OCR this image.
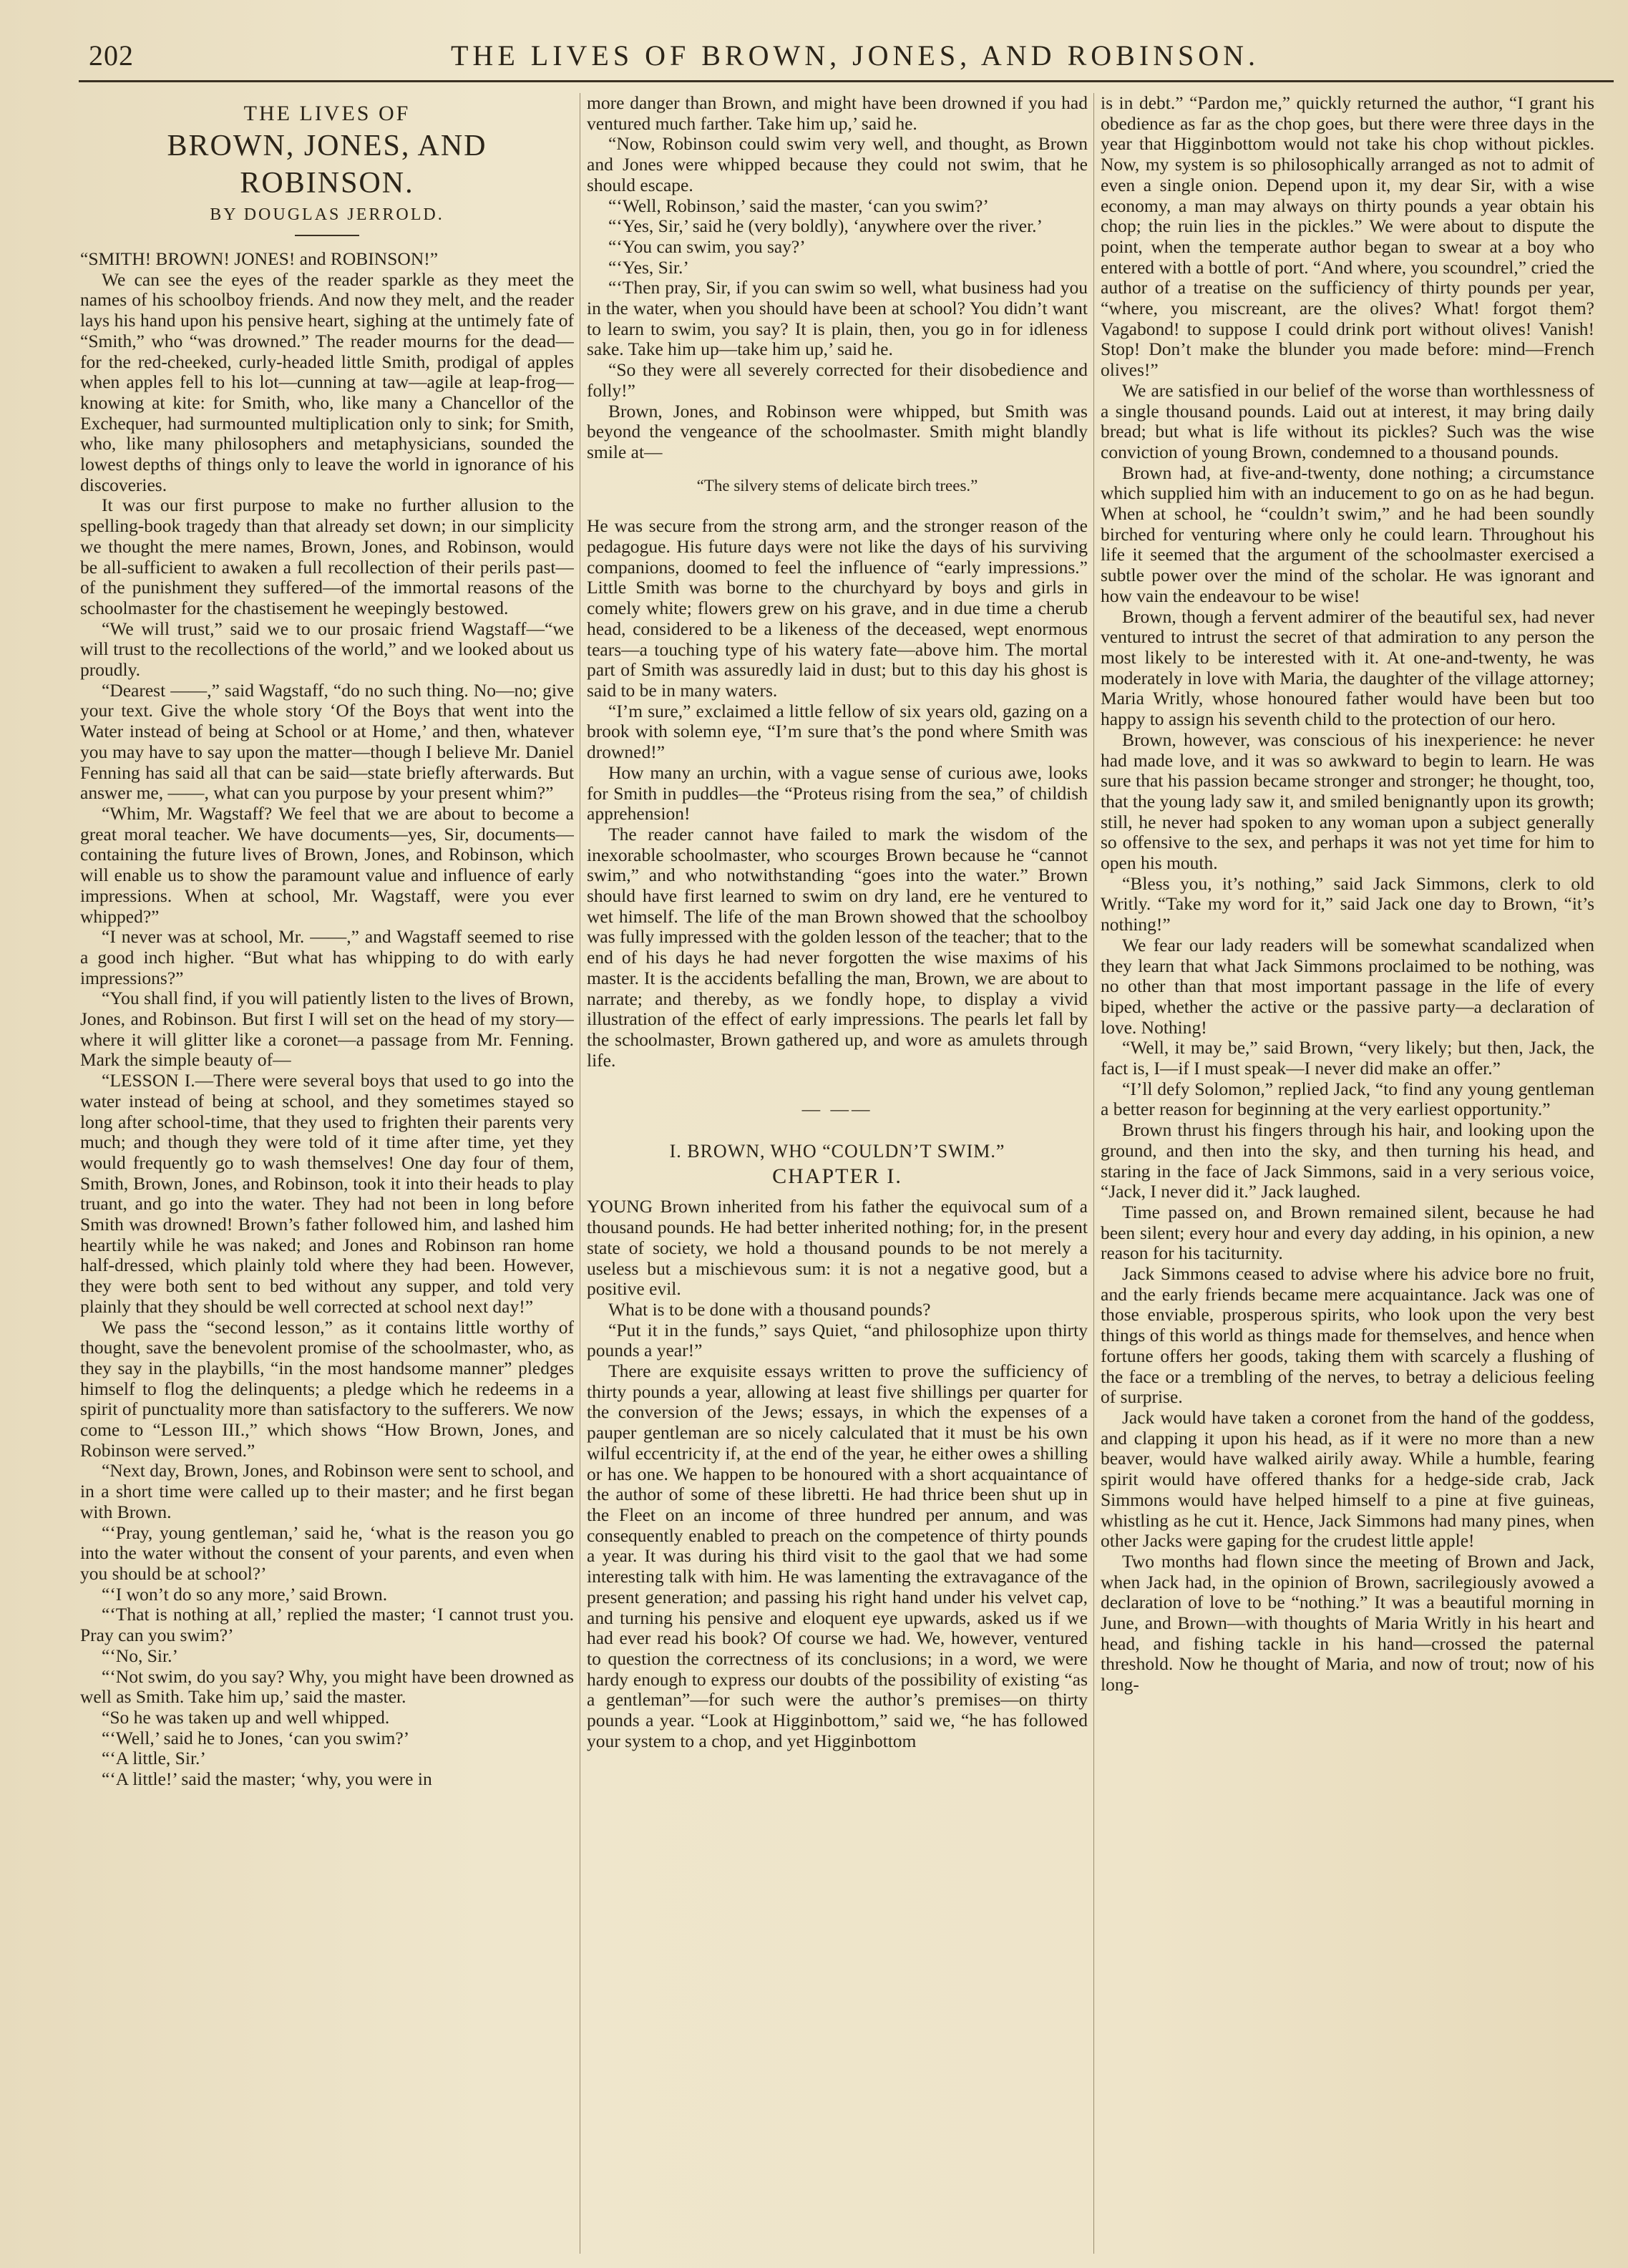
202	THE LIVES OF BROWN, JONES, AND ROBINSON.
THE LIVES OF
BROWN, JONES, AND ROBINSON.
BY DOUGLAS JERROLD.

“SMITH! BROWN! JONES! and ROBINSON!”

We can see the eyes of the reader sparkle as they meet the names of his schoolboy friends. And now they melt, and the reader lays his hand upon his pensive heart, sighing at the untimely fate of “Smith,” who “was drowned.” The reader mourns for the dead—for the red-cheeked, curly-headed little Smith, prodigal of apples when apples fell to his lot—cunning at taw—agile at leap-frog—knowing at kite: for Smith, who, like many a Chancellor of the Exchequer, had surmounted multiplication only to sink; for Smith, who, like many philosophers and metaphysicians, sounded the lowest depths of things only to leave the world in ignorance of his discoveries.

It was our first purpose to make no further allusion to the spelling-book tragedy than that already set down; in our simplicity we thought the mere names, Brown, Jones, and Robinson, would be all-sufficient to awaken a full recollection of their perils past—of the punishment they suffered—of the immortal reasons of the schoolmaster for the chastisement he weepingly bestowed.

“We will trust,” said we to our prosaic friend Wagstaff—“we will trust to the recollections of the world,” and we looked about us proudly.

“Dearest ——,” said Wagstaff, “do no such thing. No—no; give your text. Give the whole story ‘Of the Boys that went into the Water instead of being at School or at Home,’ and then, whatever you may have to say upon the matter—though I believe Mr. Daniel Fenning has said all that can be said—state briefly afterwards. But answer me, ——, what can you purpose by your present whim?”

“Whim, Mr. Wagstaff? We feel that we are about to become a great moral teacher. We have documents—yes, Sir, documents—containing the future lives of Brown, Jones, and Robinson, which will enable us to show the paramount value and influence of early impressions. When at school, Mr. Wagstaff, were you ever whipped?”

“I never was at school, Mr. ——,” and Wagstaff seemed to rise a good inch higher. “But what has whipping to do with early impressions?”

“You shall find, if you will patiently listen to the lives of Brown, Jones, and Robinson. But first I will set on the head of my story—where it will glitter like a coronet—a passage from Mr. Fenning. Mark the simple beauty of—

“LESSON I.—There were several boys that used to go into the water instead of being at school, and they sometimes stayed so long after school-time, that they used to frighten their parents very much; and though they were told of it time after time, yet they would frequently go to wash themselves! One day four of them, Smith, Brown, Jones, and Robinson, took it into their heads to play truant, and go into the water. They had not been in long before Smith was drowned! Brown’s father followed him, and lashed him heartily while he was naked; and Jones and Robinson ran home half-dressed, which plainly told where they had been. However, they were both sent to bed without any supper, and told very plainly that they should be well corrected at school next day!”

We pass the “second lesson,” as it contains little worthy of thought, save the benevolent promise of the schoolmaster, who, as they say in the playbills, “in the most handsome manner” pledges himself to flog the delinquents; a pledge which he redeems in a spirit of punctuality more than satisfactory to the sufferers. We now come to “Lesson III.,” which shows “How Brown, Jones, and Robinson were served.”

“Next day, Brown, Jones, and Robinson were sent to school, and in a short time were called up to their master; and he first began with Brown.

“‘Pray, young gentleman,’ said he, ‘what is the reason you go into the water without the consent of your parents, and even when you should be at school?’

“‘I won’t do so any more,’ said Brown.

“‘That is nothing at all,’ replied the master; ‘I cannot trust you. Pray can you swim?’

“‘No, Sir.’

“‘Not swim, do you say? Why, you might have been drowned as well as Smith. Take him up,’ said the master.

“So he was taken up and well whipped.

“‘Well,’ said he to Jones, ‘can you swim?’

“‘A little, Sir.’

“‘A little!’ said the master; ‘why, you were in

more danger than Brown, and might have been drowned if you had ventured much farther. Take him up,’ said he.

“Now, Robinson could swim very well, and thought, as Brown and Jones were whipped because they could not swim, that he should escape.

“‘Well, Robinson,’ said the master, ‘can you swim?’

“‘Yes, Sir,’ said he (very boldly), ‘anywhere over the river.’

“‘You can swim, you say?’

“‘Yes, Sir.’

“‘Then pray, Sir, if you can swim so well, what business had you in the water, when you should have been at school? You didn’t want to learn to swim, you say? It is plain, then, you go in for idleness sake. Take him up—take him up,’ said he.

“So they were all severely corrected for their disobedience and folly!”

Brown, Jones, and Robinson were whipped, but Smith was beyond the vengeance of the schoolmaster. Smith might blandly smile at—

“The silvery stems of delicate birch trees.”

He was secure from the strong arm, and the stronger reason of the pedagogue. His future days were not like the days of his surviving companions, doomed to feel the influence of “early impressions.” Little Smith was borne to the churchyard by boys and girls in comely white; flowers grew on his grave, and in due time a cherub head, considered to be a likeness of the deceased, wept enormous tears—a touching type of his watery fate—above him. The mortal part of Smith was assuredly laid in dust; but to this day his ghost is said to be in many waters.

“I’m sure,” exclaimed a little fellow of six years old, gazing on a brook with solemn eye, “I’m sure that’s the pond where Smith was drowned!”

How many an urchin, with a vague sense of curious awe, looks for Smith in puddles—the “Proteus rising from the sea,” of childish apprehension!

The reader cannot have failed to mark the wisdom of the inexorable schoolmaster, who scourges Brown because he “cannot swim,” and who notwithstanding “goes into the water.” Brown should have first learned to swim on dry land, ere he ventured to wet himself. The life of the man Brown showed that the schoolboy was fully impressed with the golden lesson of the teacher; that to the end of his days he had never forgotten the wise maxims of his master. It is the accidents befalling the man, Brown, we are about to narrate; and thereby, as we fondly hope, to display a vivid illustration of the effect of early impressions. The pearls let fall by the schoolmaster, Brown gathered up, and wore as amulets through life.

— ——

I. BROWN, WHO “COULDN’T SWIM.”

CHAPTER I.

YOUNG Brown inherited from his father the equivocal sum of a thousand pounds. He had better inherited nothing; for, in the present state of society, we hold a thousand pounds to be not merely a useless but a mischievous sum: it is not a negative good, but a positive evil.

What is to be done with a thousand pounds?

“Put it in the funds,” says Quiet, “and philosophize upon thirty pounds a year!”

There are exquisite essays written to prove the sufficiency of thirty pounds a year, allowing at least five shillings per quarter for the conversion of the Jews; essays, in which the expenses of a pauper gentleman are so nicely calculated that it must be his own wilful eccentricity if, at the end of the year, he either owes a shilling or has one. We happen to be honoured with a short acquaintance of the author of some of these libretti. He had thrice been shut up in the Fleet on an income of three hundred per annum, and was consequently enabled to preach on the competence of thirty pounds a year. It was during his third visit to the gaol that we had some interesting talk with him. He was lamenting the extravagance of the present generation; and passing his right hand under his velvet cap, and turning his pensive and eloquent eye upwards, asked us if we had ever read his book? Of course we had. We, however, ventured to question the correctness of its conclusions; in a word, we were hardy enough to express our doubts of the possibility of existing “as a gentleman”—for such were the author’s premises—on thirty pounds a year. “Look at Higginbottom,” said we, “he has followed your system to a chop, and yet Higginbottom

is in debt.” “Pardon me,” quickly returned the author, “I grant his obedience as far as the chop goes, but there were three days in the year that Higginbottom would not take his chop without pickles. Now, my system is so philosophically arranged as not to admit of even a single onion. Depend upon it, my dear Sir, with a wise economy, a man may always on thirty pounds a year obtain his chop; the ruin lies in the pickles.” We were about to dispute the point, when the temperate author began to swear at a boy who entered with a bottle of port. “And where, you scoundrel,” cried the author of a treatise on the sufficiency of thirty pounds per year, “where, you miscreant, are the olives? What! forgot them? Vagabond! to suppose I could drink port without olives! Vanish! Stop! Don’t make the blunder you made before: mind—French olives!”

We are satisfied in our belief of the worse than worthlessness of a single thousand pounds. Laid out at interest, it may bring daily bread; but what is life without its pickles? Such was the wise conviction of young Brown, condemned to a thousand pounds.

Brown had, at five-and-twenty, done nothing; a circumstance which supplied him with an inducement to go on as he had begun. When at school, he “couldn’t swim,” and he had been soundly birched for venturing where only he could learn. Throughout his life it seemed that the argument of the schoolmaster exercised a subtle power over the mind of the scholar. He was ignorant and how vain the endeavour to be wise!

Brown, though a fervent admirer of the beautiful sex, had never ventured to intrust the secret of that admiration to any person the most likely to be interested with it. At one-and-twenty, he was moderately in love with Maria, the daughter of the village attorney; Maria Writly, whose honoured father would have been but too happy to assign his seventh child to the protection of our hero.

Brown, however, was conscious of his inexperience: he never had made love, and it was so awkward to begin to learn. He was sure that his passion became stronger and stronger; he thought, too, that the young lady saw it, and smiled benignantly upon its growth; still, he never had spoken to any woman upon a subject generally so offensive to the sex, and perhaps it was not yet time for him to open his mouth.

“Bless you, it’s nothing,” said Jack Simmons, clerk to old Writly. “Take my word for it,” said Jack one day to Brown, “it’s nothing!”

We fear our lady readers will be somewhat scandalized when they learn that what Jack Simmons proclaimed to be nothing, was no other than that most important passage in the life of every biped, whether the active or the passive party—a declaration of love. Nothing!

“Well, it may be,” said Brown, “very likely; but then, Jack, the fact is, I—if I must speak—I never did make an offer.”

“I’ll defy Solomon,” replied Jack, “to find any young gentleman a better reason for beginning at the very earliest opportunity.”

Brown thrust his fingers through his hair, and looking upon the ground, and then into the sky, and then turning his head, and staring in the face of Jack Simmons, said in a very serious voice, “Jack, I never did it.” Jack laughed.

Time passed on, and Brown remained silent, because he had been silent; every hour and every day adding, in his opinion, a new reason for his taciturnity.

Jack Simmons ceased to advise where his advice bore no fruit, and the early friends became mere acquaintance. Jack was one of those enviable, prosperous spirits, who look upon the very best things of this world as things made for themselves, and hence when fortune offers her goods, taking them with scarcely a flushing of the face or a trembling of the nerves, to betray a delicious feeling of surprise.

Jack would have taken a coronet from the hand of the goddess, and clapping it upon his head, as if it were no more than a new beaver, would have walked airily away. While a humble, fearing spirit would have offered thanks for a hedge-side crab, Jack Simmons would have helped himself to a pine at five guineas, whistling as he cut it. Hence, Jack Simmons had many pines, when other Jacks were gaping for the crudest little apple!

Two months had flown since the meeting of Brown and Jack, when Jack had, in the opinion of Brown, sacrilegiously avowed a declaration of love to be “nothing.” It was a beautiful morning in June, and Brown—with thoughts of Maria Writly in his heart and head, and fishing tackle in his hand—crossed the paternal threshold. Now he thought of Maria, and now of trout; now of his long-
